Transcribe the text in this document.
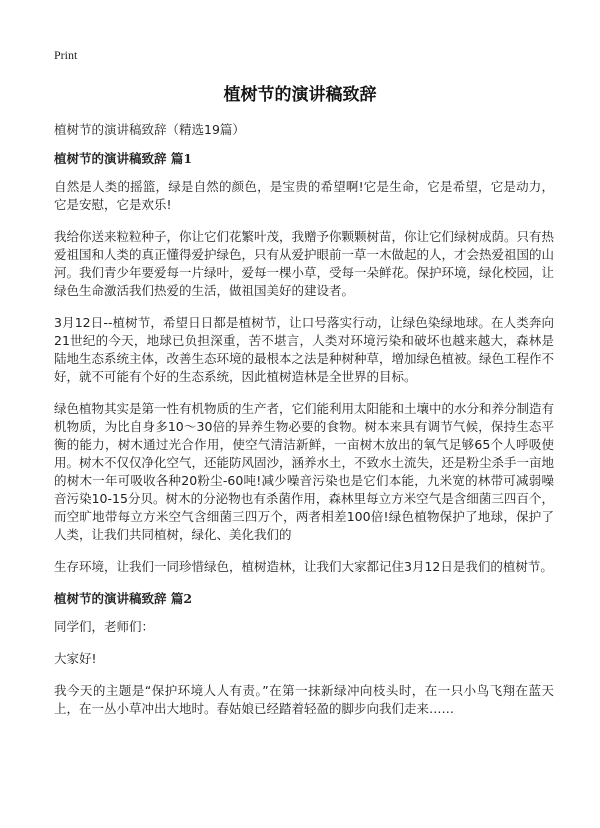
Print
植树节的演讲稿致辞
植树节的演讲稿致辞（精选19篇）
植树节的演讲稿致辞 篇1

自然是人类的摇篮，绿是自然的颜色，是宝贵的希望啊!它是生命，它是希望，它是动力，它是安慰，它是欢乐!

我给你送来粒粒种子，你让它们花繁叶茂，我赠予你颗颗树苗，你让它们绿树成荫。只有热爱祖国和人类的真正懂得爱护绿色，只有从爱护眼前一草一木做起的人，才会热爱祖国的山河。我们青少年要爱每一片绿叶，爱每一棵小草，受每一朵鲜花。保护环境，绿化校园，让绿色生命激活我们热爱的生活，做祖国美好的建设者。

3月12日--植树节，希望日日都是植树节，让口号落实行动，让绿色染绿地球。在人类奔向21世纪的今天，地球已负担深重，苦不堪言，人类对环境污染和破坏也越来越大，森林是陆地生态系统主体，改善生态环境的最根本之法是种树种草，增加绿色植被。绿色工程作不好，就不可能有个好的生态系统，因此植树造林是全世界的目标。

绿色植物其实是第一性有机物质的生产者，它们能利用太阳能和土壤中的水分和养分制造有机物质，为比自身多10～30倍的异养生物必要的食物。树本来具有调节气候，保持生态平衡的能力，树木通过光合作用，使空气清洁新鲜，一亩树木放出的氧气足够65个人呼吸使用。树木不仅仅净化空气，还能防风固沙，涵养水土，不致水土流失，还是粉尘杀手一亩地的树木一年可吸收各种20粉尘-60吨!减少噪音污染也是它们本能，九米宽的林带可减弱噪音污染10-15分贝。树木的分泌物也有杀菌作用，森林里每立方米空气是含细菌三四百个，而空旷地带每立方米空气含细菌三四万个，两者相差100倍!绿色植物保护了地球，保护了人类，让我们共同植树，绿化、美化我们的

生存环境，让我们一同珍惜绿色，植树造林，让我们大家都记住3月12日是我们的植树节。

植树节的演讲稿致辞 篇2

同学们，老师们：

大家好!

我今天的主题是“保护环境人人有责。”在第一抹新绿冲向枝头时，在一只小鸟飞翔在蓝天上，在一丛小草冲出大地时。春姑娘已经踏着轻盈的脚步向我们走来……
